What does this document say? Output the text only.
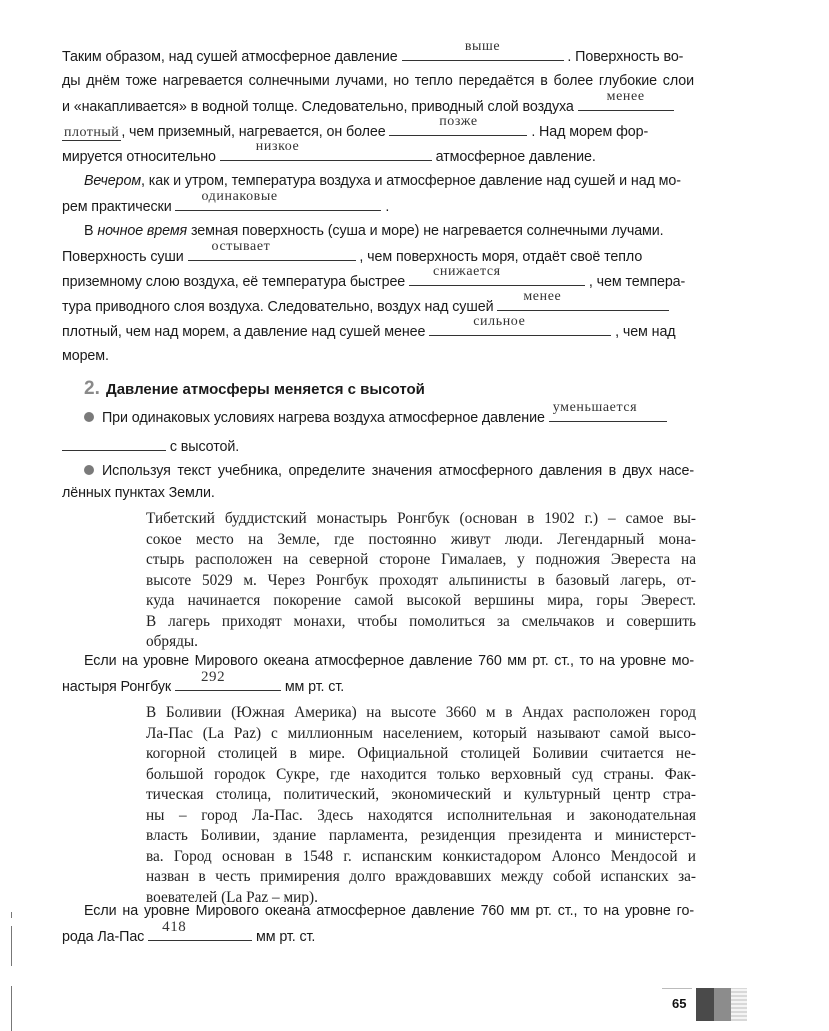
Таким образом, над сушей атмосферное давление
выше
. Поверхность во-
ды днём тоже нагревается солнечными лучами, но тепло передаётся в более глубокие слои
и «накапливается» в водной толще. Следовательно, приводный слой воздуха
менее
плотный , чем приземный, нагревается, он более
позже
. Над морем фор-
мируется относительно
низкое
атмосферное давление.
Вечером, как и утром, температура воздуха и атмосферное давление над сушей и над мо-
рем практически
одинаковые
.
В ночное время земная поверхность (суша и море) не нагревается солнечными лучами.
Поверхность суши
остывает
, чем поверхность моря, отдаёт своё тепло
приземному слою воздуха, её температура быстрее
снижается
, чем темпера-
тура приводного слоя воздуха. Следовательно, воздух над сушей
менее
плотный, чем над морем, а давление над сушей менее
сильное
, чем над
морем.
2. Давление атмосферы меняется с высотой
При одинаковых условиях нагрева воздуха атмосферное давление
уменьшается
с высотой.
Используя текст учебника, определите значения атмосферного давления в двух насе-
лённых пунктах Земли.
Тибетский буддистский монастырь Ронгбук (основан в 1902 г.) – самое вы-
сокое место на Земле, где постоянно живут люди. Легендарный мона-
стырь расположен на северной стороне Гималаев, у подножия Эвереста на
высоте 5029 м. Через Ронгбук проходят альпинисты в базовый лагерь, от-
куда начинается покорение самой высокой вершины мира, горы Эверест.
В лагерь приходят монахи, чтобы помолиться за смельчаков и совершить
обряды.
Если на уровне Мирового океана атмосферное давление 760 мм рт. ст., то на уровне мо-
настыря Ронгбук
292
мм рт. ст.
В Боливии (Южная Америка) на высоте 3660 м в Андах расположен город
Ла-Пас (La Paz) с миллионным населением, который называют самой высо-
когорной столицей в мире. Официальной столицей Боливии считается не-
большой городок Сукре, где находится только верховный суд страны. Фак-
тическая столица, политический, экономический и культурный центр стра-
ны – город Ла-Пас. Здесь находятся исполнительная и законодательная
власть Боливии, здание парламента, резиденция президента и министерст-
ва. Город основан в 1548 г. испанским конкистадором Алонсо Мендосой и
назван в честь примирения долго враждовавших между собой испанских за-
воевателей (La Paz – мир).
Если на уровне Мирового океана атмосферное давление 760 мм рт. ст., то на уровне го-
рода Ла-Пас
418
мм рт. ст.
65
